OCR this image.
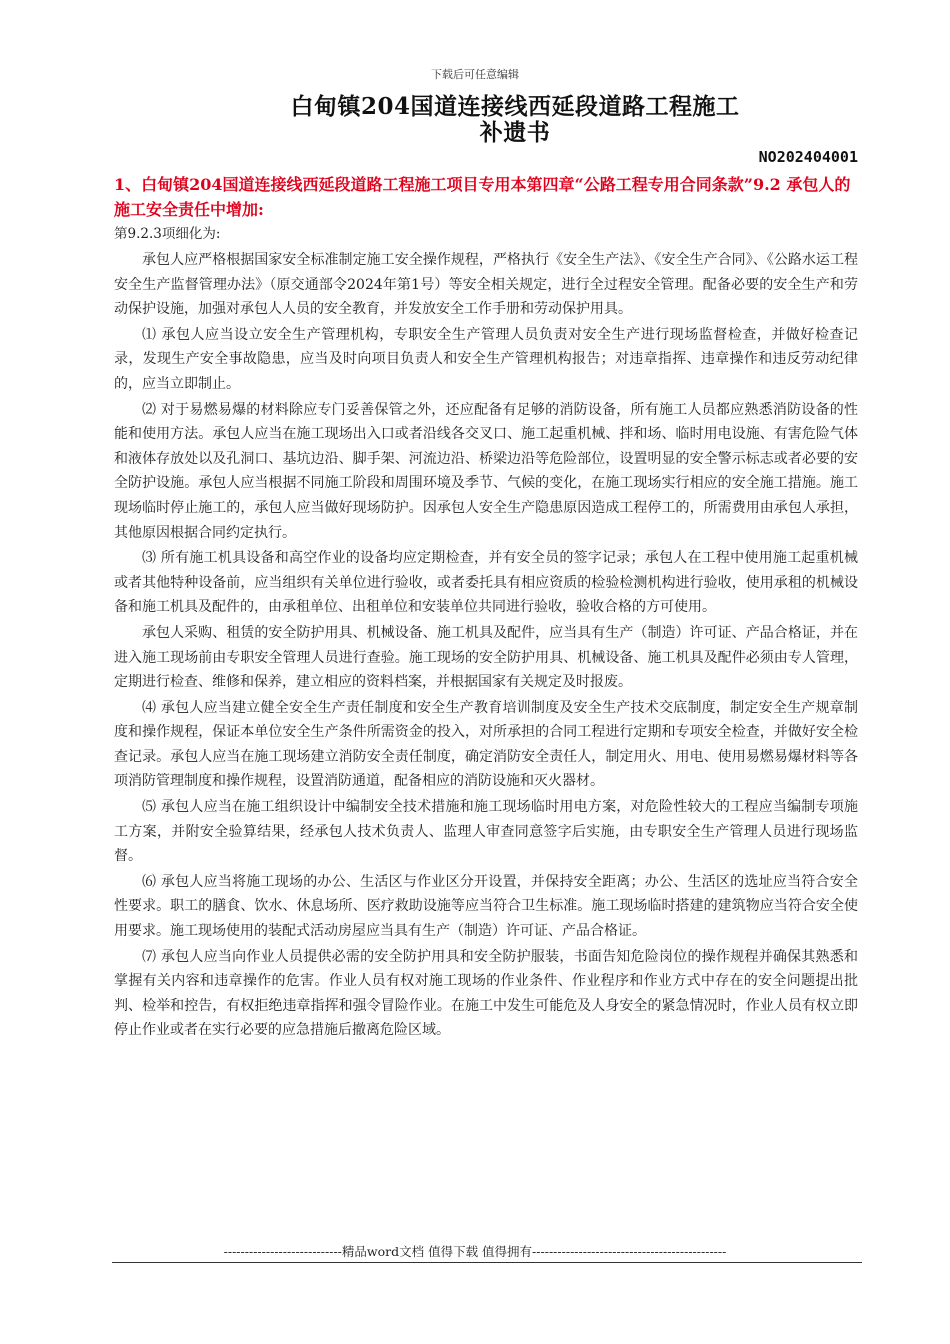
下载后可任意编辑
白甸镇204国道连接线西延段道路工程施工
补遗书
NO202404001
1、白甸镇204国道连接线西延段道路工程施工项目专用本第四章“公路工程专用合同条款”9.2 承包人的施工安全责任中增加:
第9.2.3项细化为:

承包人应严格根据国家安全标准制定施工安全操作规程，严格执行《安全生产法》、《安全生产合同》、《公路水运工程安全生产监督管理办法》（原交通部令2024年第1号）等安全相关规定，进行全过程安全管理。配备必要的安全生产和劳动保护设施，加强对承包人人员的安全教育，并发放安全工作手册和劳动保护用具。

⑴ 承包人应当设立安全生产管理机构，专职安全生产管理人员负责对安全生产进行现场监督检查，并做好检查记录，发现生产安全事故隐患，应当及时向项目负责人和安全生产管理机构报告；对违章指挥、违章操作和违反劳动纪律的，应当立即制止。

⑵ 对于易燃易爆的材料除应专门妥善保管之外，还应配备有足够的消防设备，所有施工人员都应熟悉消防设备的性能和使用方法。承包人应当在施工现场出入口或者沿线各交叉口、施工起重机械、拌和场、临时用电设施、有害危险气体和液体存放处以及孔洞口、基坑边沿、脚手架、河流边沿、桥梁边沿等危险部位，设置明显的安全警示标志或者必要的安全防护设施。承包人应当根据不同施工阶段和周围环境及季节、气候的变化，在施工现场实行相应的安全施工措施。施工现场临时停止施工的，承包人应当做好现场防护。因承包人安全生产隐患原因造成工程停工的，所需费用由承包人承担，其他原因根据合同约定执行。

⑶ 所有施工机具设备和高空作业的设备均应定期检查，并有安全员的签字记录；承包人在工程中使用施工起重机械或者其他特种设备前，应当组织有关单位进行验收，或者委托具有相应资质的检验检测机构进行验收，使用承租的机械设备和施工机具及配件的，由承租单位、出租单位和安装单位共同进行验收，验收合格的方可使用。

承包人采购、租赁的安全防护用具、机械设备、施工机具及配件，应当具有生产（制造）许可证、产品合格证，并在进入施工现场前由专职安全管理人员进行查验。施工现场的安全防护用具、机械设备、施工机具及配件必须由专人管理，定期进行检查、维修和保养，建立相应的资料档案，并根据国家有关规定及时报废。

⑷ 承包人应当建立健全安全生产责任制度和安全生产教育培训制度及安全生产技术交底制度，制定安全生产规章制度和操作规程，保证本单位安全生产条件所需资金的投入，对所承担的合同工程进行定期和专项安全检查，并做好安全检查记录。承包人应当在施工现场建立消防安全责任制度，确定消防安全责任人，制定用火、用电、使用易燃易爆材料等各项消防管理制度和操作规程，设置消防通道，配备相应的消防设施和灭火器材。

⑸ 承包人应当在施工组织设计中编制安全技术措施和施工现场临时用电方案，对危险性较大的工程应当编制专项施工方案，并附安全验算结果，经承包人技术负责人、监理人审查同意签字后实施，由专职安全生产管理人员进行现场监督。

⑹ 承包人应当将施工现场的办公、生活区与作业区分开设置，并保持安全距离；办公、生活区的选址应当符合安全性要求。职工的膳食、饮水、休息场所、医疗救助设施等应当符合卫生标准。施工现场临时搭建的建筑物应当符合安全使用要求。施工现场使用的装配式活动房屋应当具有生产（制造）许可证、产品合格证。

⑺ 承包人应当向作业人员提供必需的安全防护用具和安全防护服装，书面告知危险岗位的操作规程并确保其熟悉和掌握有关内容和违章操作的危害。作业人员有权对施工现场的作业条件、作业程序和作业方式中存在的安全问题提出批判、检举和控告，有权拒绝违章指挥和强令冒险作业。在施工中发生可能危及人身安全的紧急情况时，作业人员有权立即停止作业或者在实行必要的应急措施后撤离危险区域。

----------------------------精品word文档 值得下载 值得拥有----------------------------------------------
